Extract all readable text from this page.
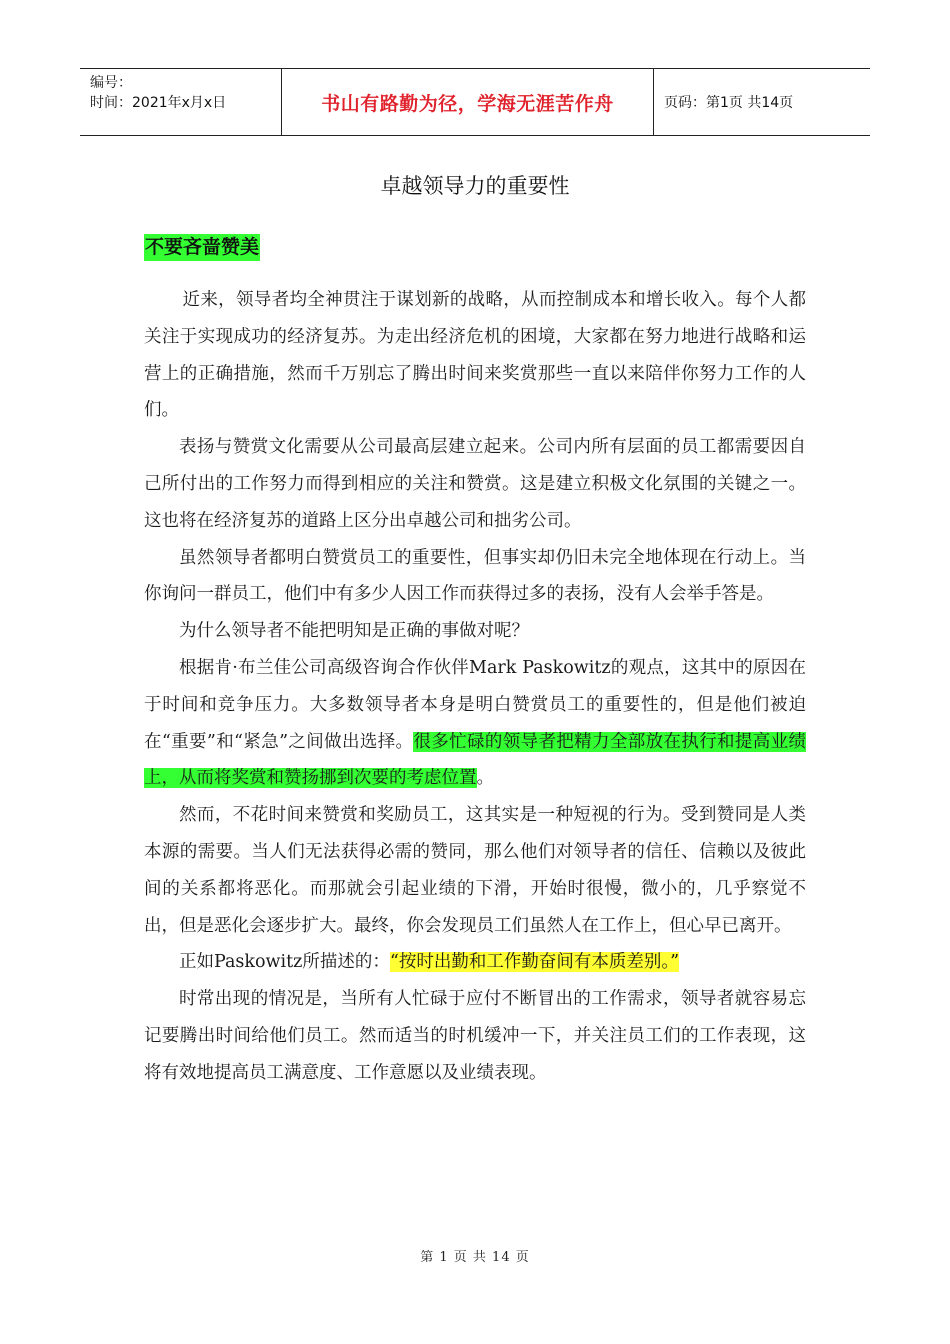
编号：
时间：2021年x月x日	书山有路勤为径，学海无涯苦作舟	页码：第1页 共14页
卓越领导力的重要性
不要吝啬赞美

近来，领导者均全神贯注于谋划新的战略，从而控制成本和增长收入。每个人都关注于实现成功的经济复苏。为走出经济危机的困境，大家都在努力地进行战略和运营上的正确措施，然而千万别忘了腾出时间来奖赏那些一直以来陪伴你努力工作的人们。

表扬与赞赏文化需要从公司最高层建立起来。公司内所有层面的员工都需要因自己所付出的工作努力而得到相应的关注和赞赏。这是建立积极文化氛围的关键之一。这也将在经济复苏的道路上区分出卓越公司和拙劣公司。

虽然领导者都明白赞赏员工的重要性，但事实却仍旧未完全地体现在行动上。当你询问一群员工，他们中有多少人因工作而获得过多的表扬，没有人会举手答是。

为什么领导者不能把明知是正确的事做对呢？

根据肯·布兰佳公司高级咨询合作伙伴Mark Paskowitz的观点，这其中的原因在于时间和竞争压力。大多数领导者本身是明白赞赏员工的重要性的，但是他们被迫在“重要”和“紧急”之间做出选择。很多忙碌的领导者把精力全部放在执行和提高业绩上，从而将奖赏和赞扬挪到次要的考虑位置。

然而，不花时间来赞赏和奖励员工，这其实是一种短视的行为。受到赞同是人类本源的需要。当人们无法获得必需的赞同，那么他们对领导者的信任、信赖以及彼此间的关系都将恶化。而那就会引起业绩的下滑，开始时很慢，微小的，几乎察觉不出，但是恶化会逐步扩大。最终，你会发现员工们虽然人在工作上，但心早已离开。

正如Paskowitz所描述的：“按时出勤和工作勤奋间有本质差别。”

时常出现的情况是，当所有人忙碌于应付不断冒出的工作需求，领导者就容易忘记要腾出时间给他们员工。然而适当的时机缓冲一下，并关注员工们的工作表现，这将有效地提高员工满意度、工作意愿以及业绩表现。

第 1 页 共 14 页
